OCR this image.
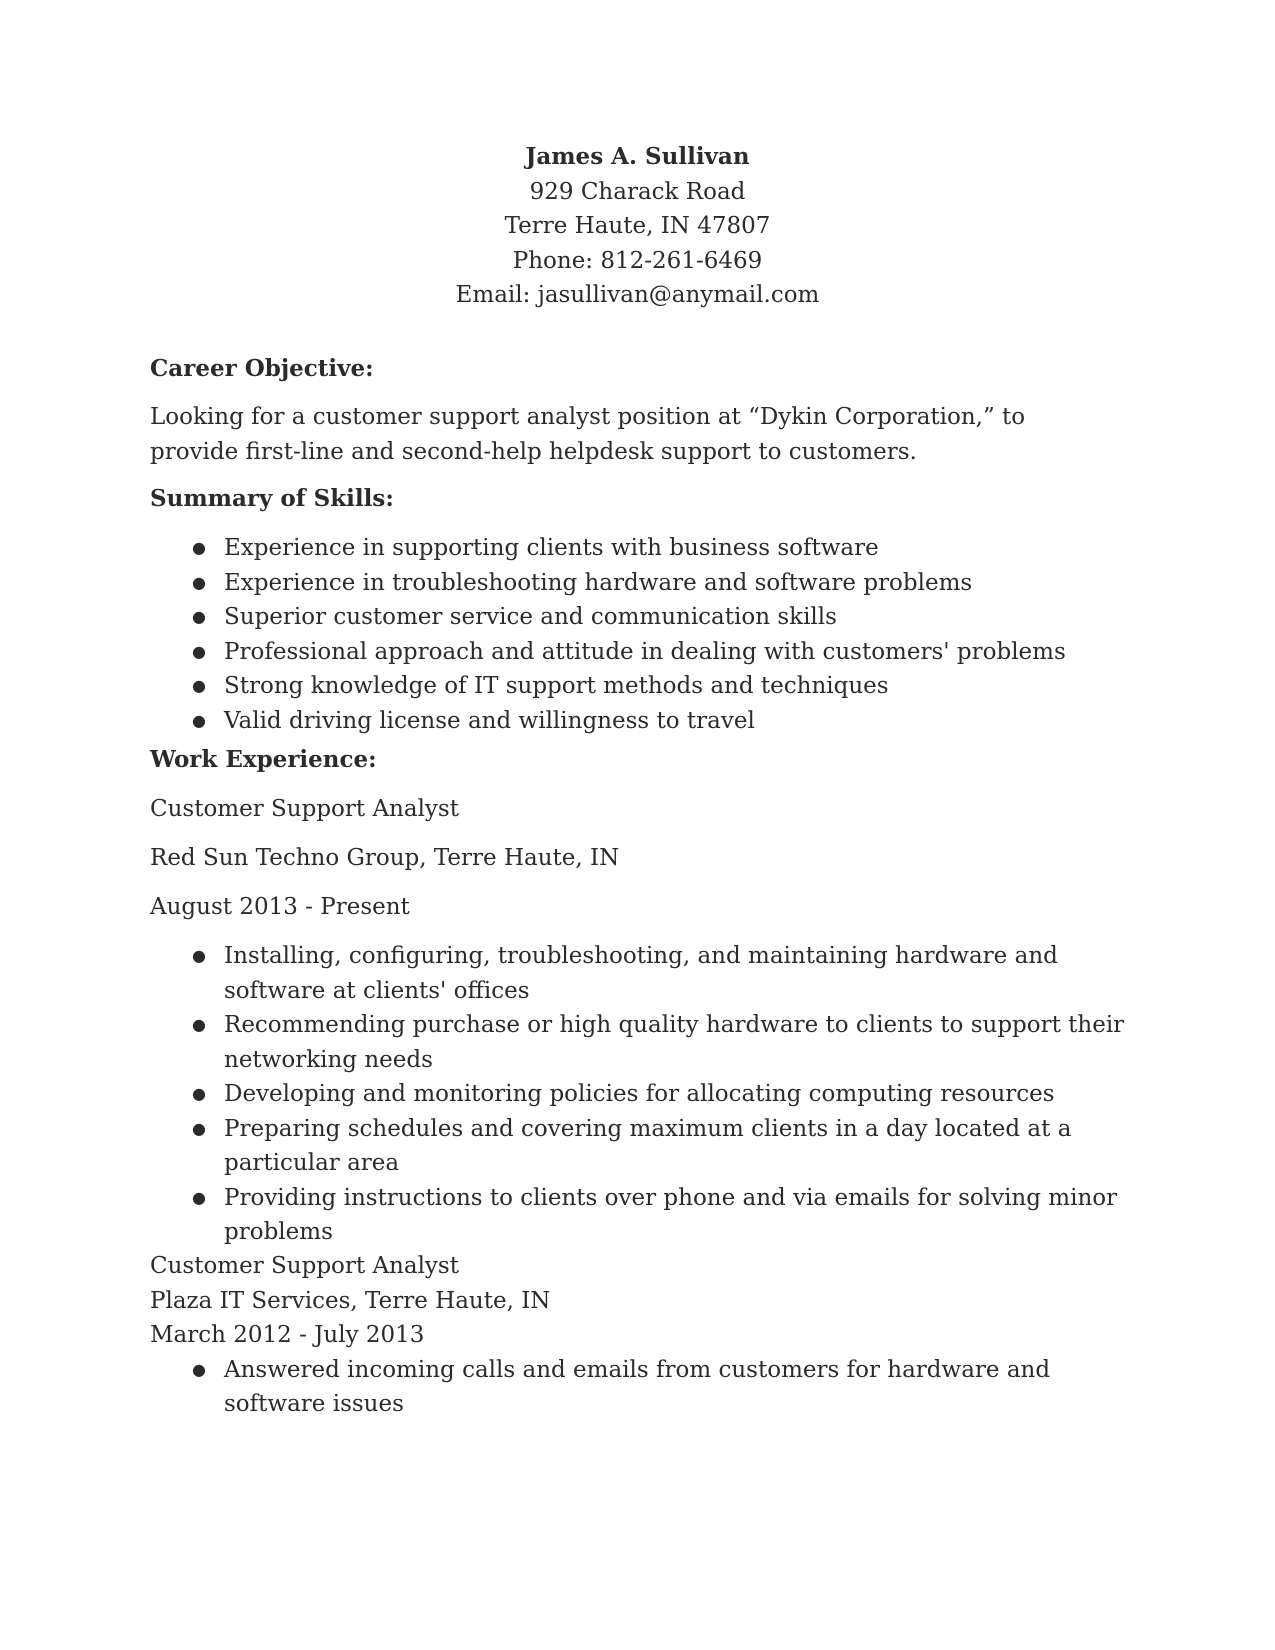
James A. Sullivan
929 Charack Road
Terre Haute, IN 47807
Phone: 812-261-6469
Email: jasullivan@anymail.com
Career Objective:

Looking for a customer support analyst position at “Dykin Corporation,” to provide first-line and second-help helpdesk support to customers.

Summary of Skills:
● Experience in supporting clients with business software
● Experience in troubleshooting hardware and software problems
● Superior customer service and communication skills
● Professional approach and attitude in dealing with customers' problems
● Strong knowledge of IT support methods and techniques
● Valid driving license and willingness to travel
Work Experience:
Customer Support Analyst
Red Sun Techno Group, Terre Haute, IN
August 2013 - Present
● Installing, configuring, troubleshooting, and maintaining hardware and software at clients' offices
● Recommending purchase or high quality hardware to clients to support their networking needs
● Developing and monitoring policies for allocating computing resources
● Preparing schedules and covering maximum clients in a day located at a particular area
● Providing instructions to clients over phone and via emails for solving minor problems
Customer Support Analyst
Plaza IT Services, Terre Haute, IN
March 2012 - July 2013
● Answered incoming calls and emails from customers for hardware and software issues
